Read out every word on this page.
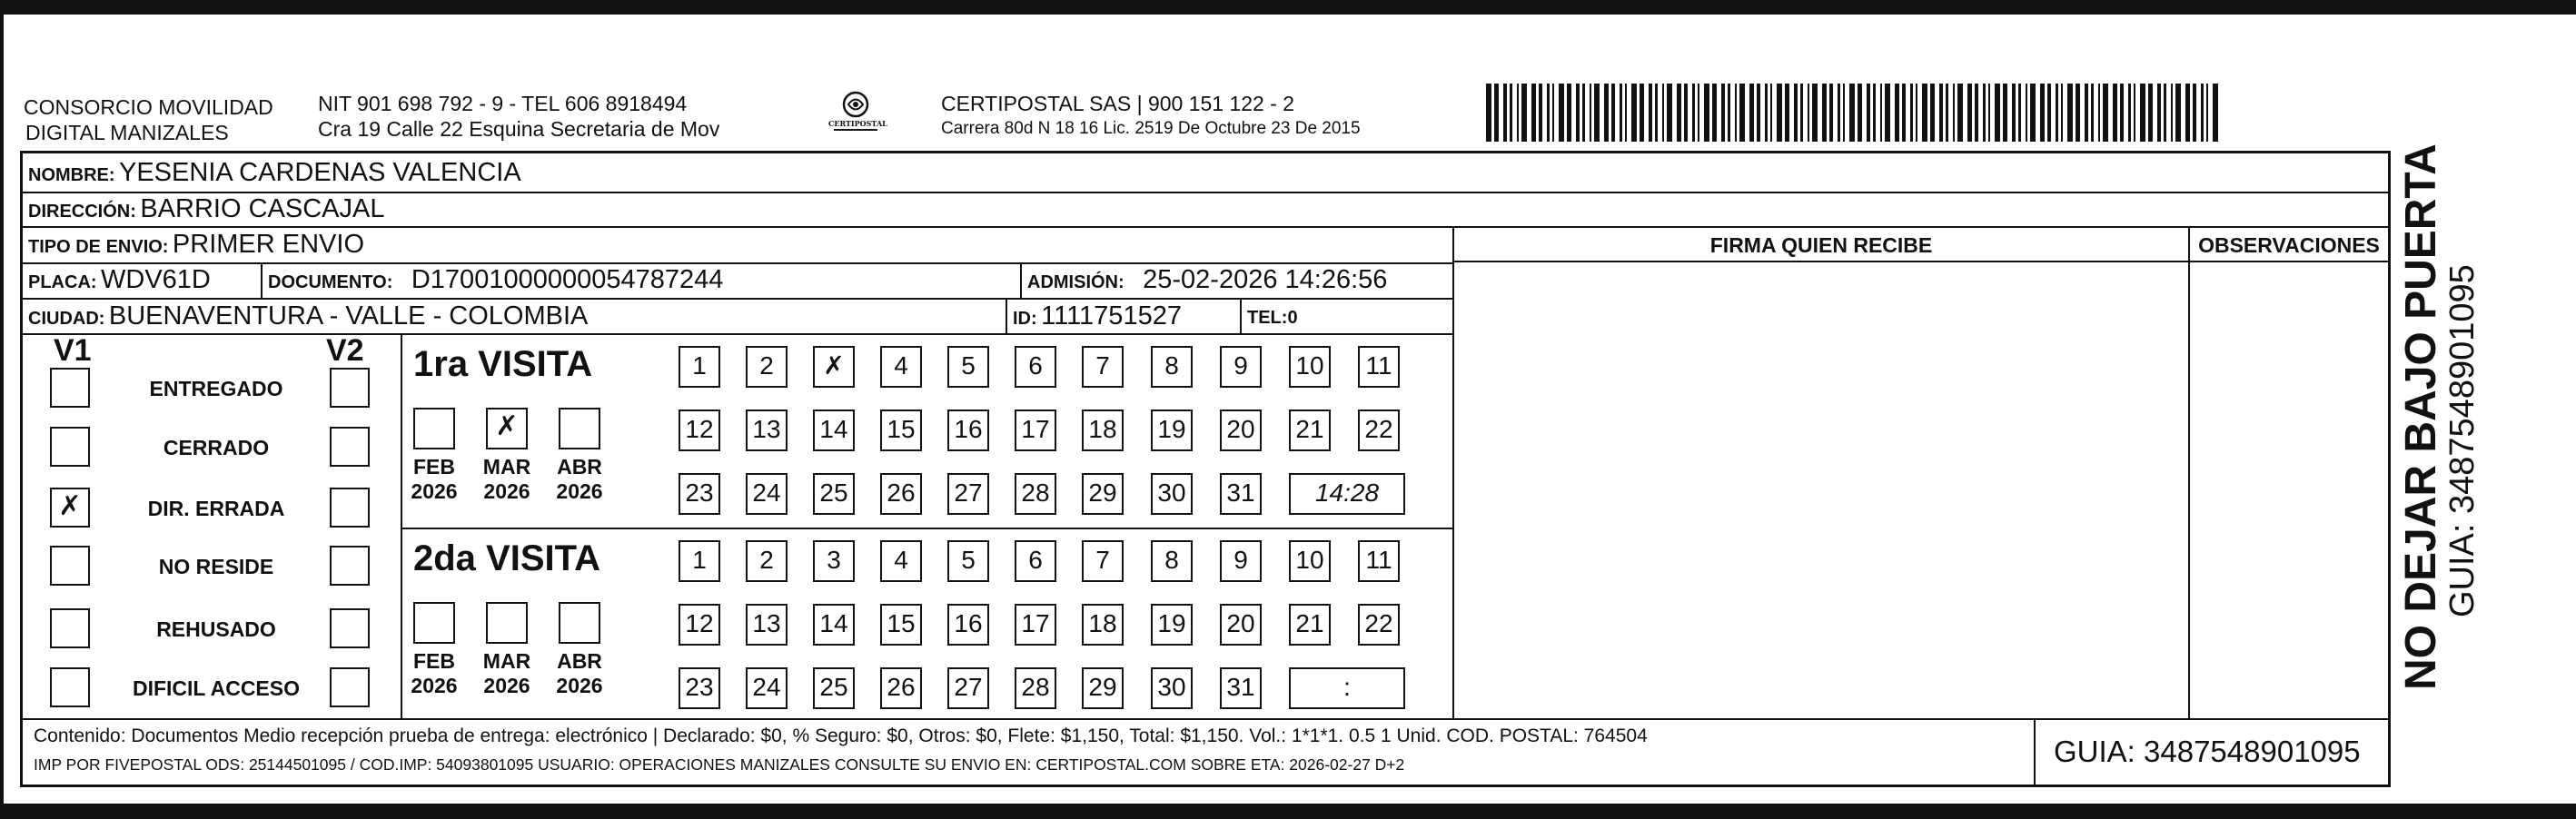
CONSORCIO MOVILIDAD
DIGITAL MANIZALES
NIT 901 698 792 - 9 - TEL 606 8918494
Cra 19 Calle 22 Esquina Secretaria de Mov	CERTIPOSTAL
CERTIPOSTAL SAS | 900 151 122 - 2
Carrera 80d N 18 16 Lic. 2519 De Octubre 23 De 2015
NOMBRE: YESENIA CARDENAS VALENCIA
DIRECCIÓN: BARRIO CASCAJAL
TIPO DE ENVIO: PRIMER ENVIO	FIRMA QUIEN RECIBE	OBSERVACIONES
PLACA: WDV61D	DOCUMENTO: D17001000000054787244	ADMISIÓN: 25-02-2026 14:26:56
CIUDAD: BUENAVENTURA - VALLE - COLOMBIA	ID: 1111751527	TEL:0
V1	V2
ENTREGADO
CERRADO
✗	DIR. ERRADA
NO RESIDE
REHUSADO
DIFICIL ACCESO
1ra VISITA
FEB
2026
✗
MAR
2026
ABR
2026
1	2	✗	4	5	6	7	8	9	10	11
12 13 14 15 16 17 18 19 20 21 22
23 24 25 26 27 28 29 30 31	14:28
2da VISITA
FEB
2026
MAR
2026
ABR
2026
1	2	3	4	5	6	7	8	9	10	11
12 13 14 15 16 17 18 19 20 21 22
23 24 25 26 27 28 29 30 31	:
Contenido: Documentos Medio recepción prueba de entrega: electrónico | Declarado: $0, % Seguro: $0, Otros: $0, Flete: $1,150, Total: $1,150. Vol.: 1*1*1. 0.5 1 Unid. COD. POSTAL: 764504
IMP POR FIVEPOSTAL ODS: 25144501095 / COD.IMP: 54093801095 USUARIO: OPERACIONES MANIZALES CONSULTE SU ENVIO EN: CERTIPOSTAL.COM SOBRE ETA: 2026-02-27 D+2	GUIA: 3487548901095
NO DEJAR BAJO PUERTA
GUIA: 3487548901095
